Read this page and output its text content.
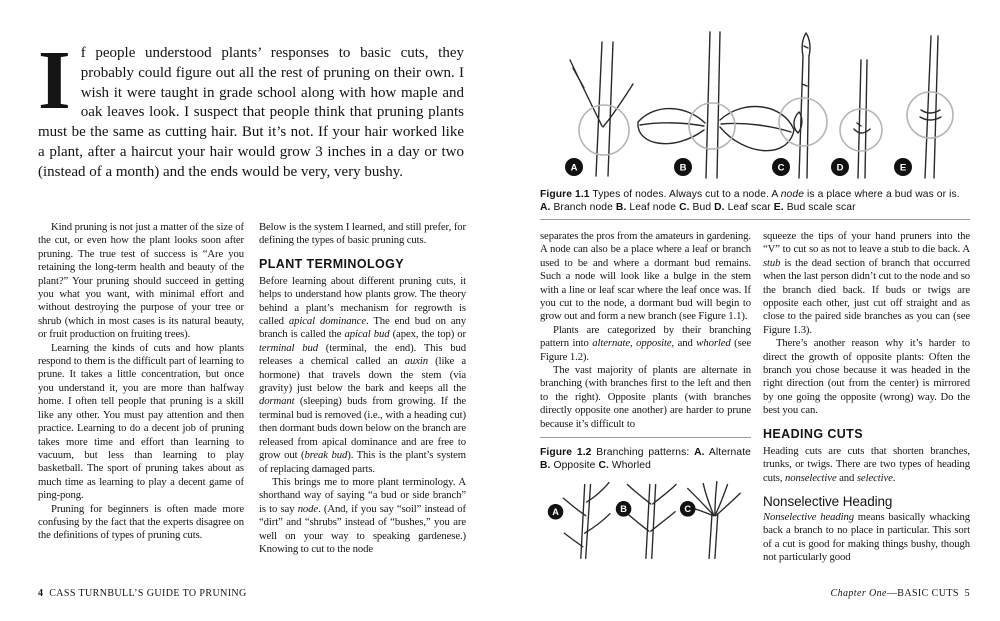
If people understood plants’ responses to basic cuts, they probably could figure out all the rest of pruning on their own. I wish it were taught in grade school along with how maple and oak leaves look. I suspect that people think that pruning plants must be the same as cutting hair. But it’s not. If your hair worked like a plant, after a haircut your hair would grow 3 inches in a day or two (instead of a month) and the ends would be very, very bushy.

Kind pruning is not just a matter of the size of the cut, or even how the plant looks soon after pruning. The true test of success is “Are you retaining the long-term health and beauty of the plant?” Your pruning should succeed in getting you what you want, with minimal effort and without destroying the purpose of your tree or shrub (which in most cases is its natural beauty, or fruit production on fruiting trees).

Learning the kinds of cuts and how plants respond to them is the difficult part of learning to prune. It takes a little concentration, but once you understand it, you are more than halfway home. I often tell people that pruning is a skill like any other. You must pay attention and then practice. Learning to do a decent job of pruning takes more time and effort than learning to vacuum, but less than learning to play basketball. The sport of pruning takes about as much time as learning to play a decent game of ping-pong.

Pruning for beginners is often made more confusing by the fact that the experts disagree on the definitions of types of pruning cuts.

Below is the system I learned, and still prefer, for defining the types of basic pruning cuts.

PLANT TERMINOLOGY

Before learning about different pruning cuts, it helps to understand how plants grow. The theory behind a plant’s mechanism for regrowth is called apical dominance. The end bud on any branch is called the apical bud (apex, the top) or terminal bud (terminal, the end). This bud releases a chemical called an auxin (like a hormone) that travels down the stem (via gravity) just below the bark and keeps all the dormant (sleeping) buds from growing. If the terminal bud is removed (i.e., with a heading cut) then dormant buds down below on the branch are released from apical dominance and are free to grow out (break bud). This is the plant’s system of replacing damaged parts.

This brings me to more plant terminology. A shorthand way of saying “a bud or side branch” is to say node. (And, if you say “soil” instead of “dirt” and “shrubs” instead of “bushes,” you are well on your way to speaking gardenese.) Knowing to cut to the node

4  CASS TURNBULL’S GUIDE TO PRUNING
A	B	C	D	E
Figure 1.1 Types of nodes. Always cut to a node. A node is a place where a bud was or is. A. Branch node B. Leaf node C. Bud D. Leaf scar E. Bud scale scar

separates the pros from the amateurs in gardening. A node can also be a place where a leaf or branch used to be and where a dormant bud remains. Such a node will look like a bulge in the stem with a line or leaf scar where the leaf once was. If you cut to the node, a dormant bud will begin to grow out and form a new branch (see Figure 1.1).

Plants are categorized by their branching pattern into alternate, opposite, and whorled (see Figure 1.2).

The vast majority of plants are alternate in branching (with branches first to the left and then to the right). Opposite plants (with branches directly opposite one another) are harder to prune because it’s difficult to

Figure 1.2 Branching patterns: A. Alternate B. Opposite C. Whorled
A	B	C

squeeze the tips of your hand pruners into the “V” to cut so as not to leave a stub to die back. A stub is the dead section of branch that occurred when the last person didn’t cut to the node and so the branch died back. If buds or twigs are opposite each other, just cut off straight and as close to the paired side branches as you can (see Figure 1.3).

There’s another reason why it’s harder to direct the growth of opposite plants: Often the branch you chose because it was headed in the right direction (out from the center) is mirrored by one going the opposite (wrong) way. Do the best you can.

HEADING CUTS

Heading cuts are cuts that shorten branches, trunks, or twigs. There are two types of heading cuts, nonselective and selective.

Nonselective Heading

Nonselective heading means basically whacking back a branch to no place in particular. This sort of a cut is good for making things bushy, though not particularly good

Chapter One—BASIC CUTS  5
